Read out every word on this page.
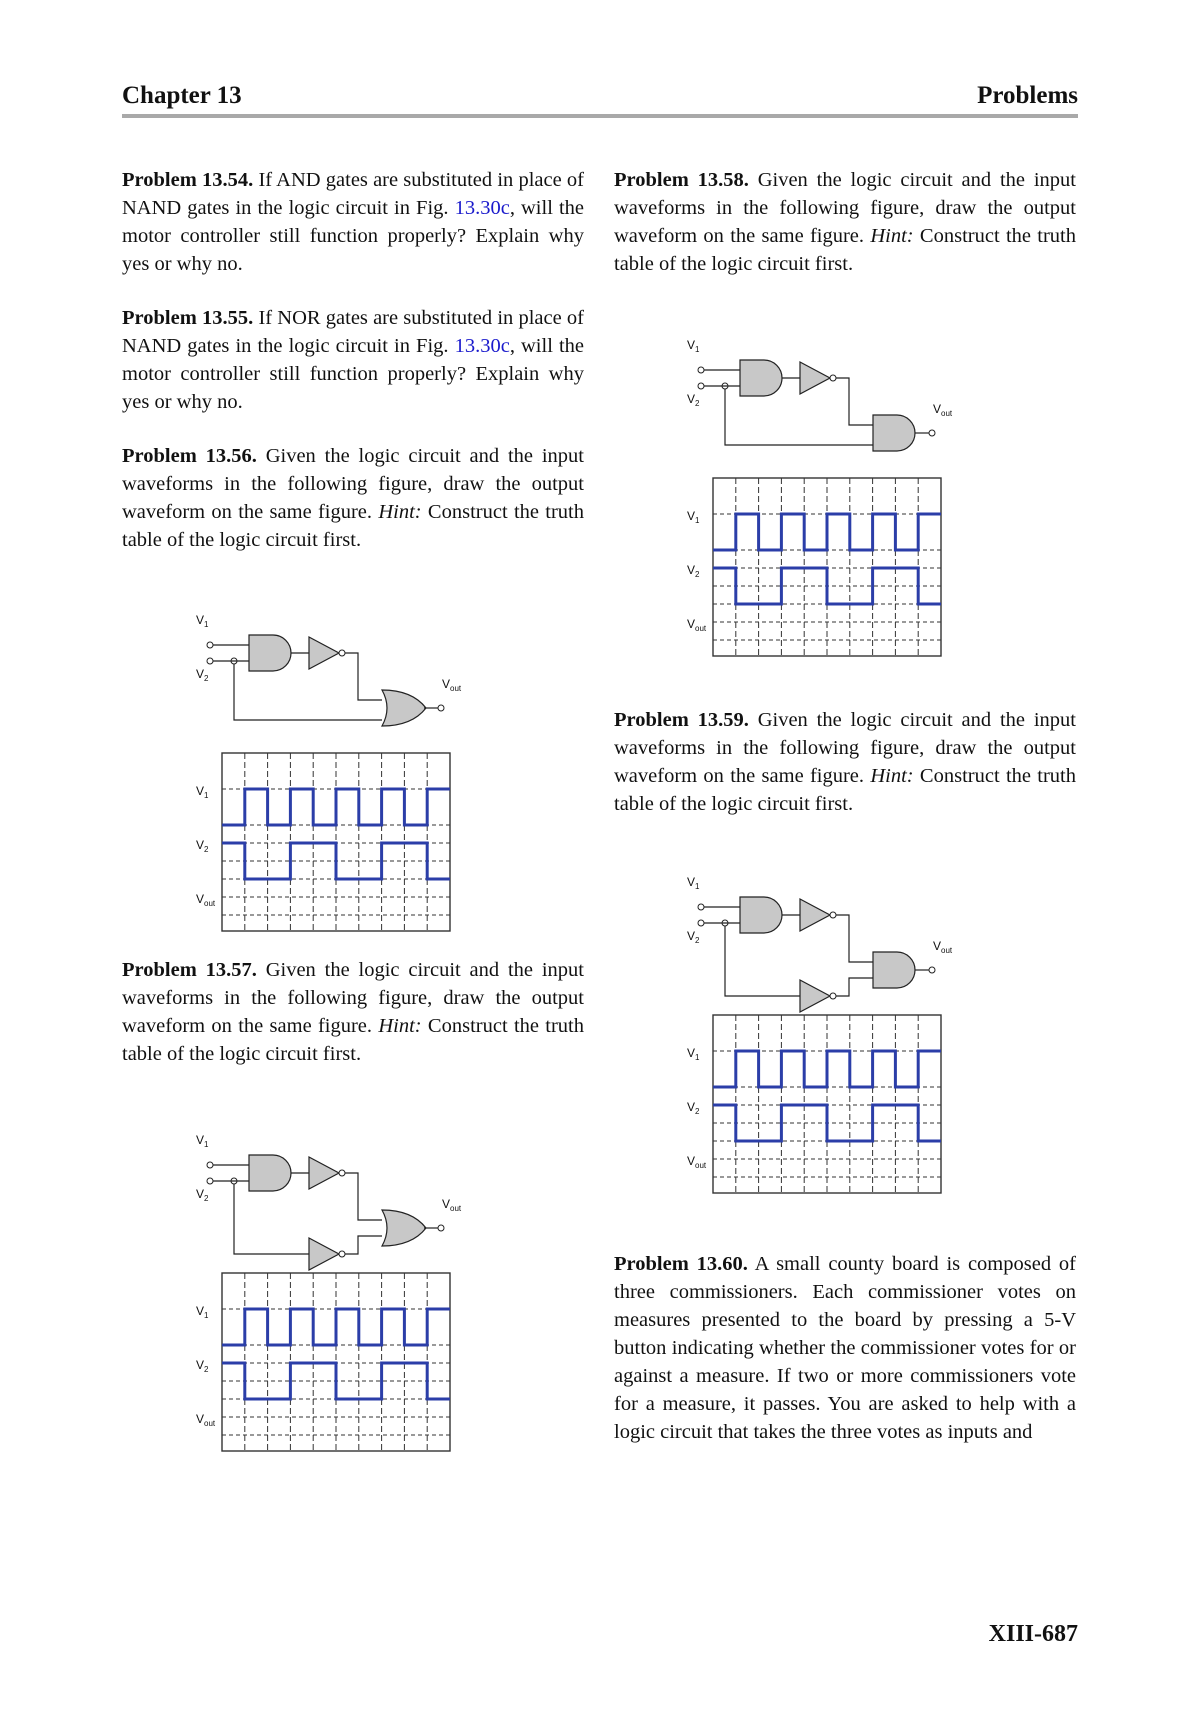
Chapter 13	Problems

Problem 13.54. If AND gates are substituted in place of NAND gates in the logic circuit in Fig. 13.30c, will the motor controller still function properly? Explain why yes or why no.

Problem 13.55. If NOR gates are substituted in place of NAND gates in the logic circuit in Fig. 13.30c, will the motor controller still function properly? Explain why yes or why no.

Problem 13.56. Given the logic circuit and the input waveforms in the following figure, draw the output waveform on the same figure. Hint: Construct the truth table of the logic circuit first.

Problem 13.57. Given the logic circuit and the input waveforms in the following figure, draw the output waveform on the same figure. Hint: Construct the truth table of the logic circuit first.

Problem 13.58. Given the logic circuit and the input waveforms in the following figure, draw the output waveform on the same figure. Hint: Construct the truth table of the logic circuit first.

Problem 13.59. Given the logic circuit and the input waveforms in the following figure, draw the output waveform on the same figure. Hint: Construct the truth table of the logic circuit first.

Problem 13.60. A small county board is composed of three commissioners. Each commissioner votes on measures presented to the board by pressing a 5-V button indicating whether the commissioner votes for or against a measure. If two or more commissioners vote for a measure, it passes. You are asked to help with a logic circuit that takes the three votes as inputs and

$V_1$
$V_2$	$V_{out}$
$V_1$
$V_2$
$V_{out}$
$V_1$
$V_2$	$V_{out}$
$V_1$
$V_2$
$V_{out}$
$V_1$
$V_2$	$V_{out}$
$V_1$
$V_2$
$V_{out}$
$V_1$
$V_2$	$V_{out}$
$V_1$
$V_2$
$V_{out}$
XIII-687
